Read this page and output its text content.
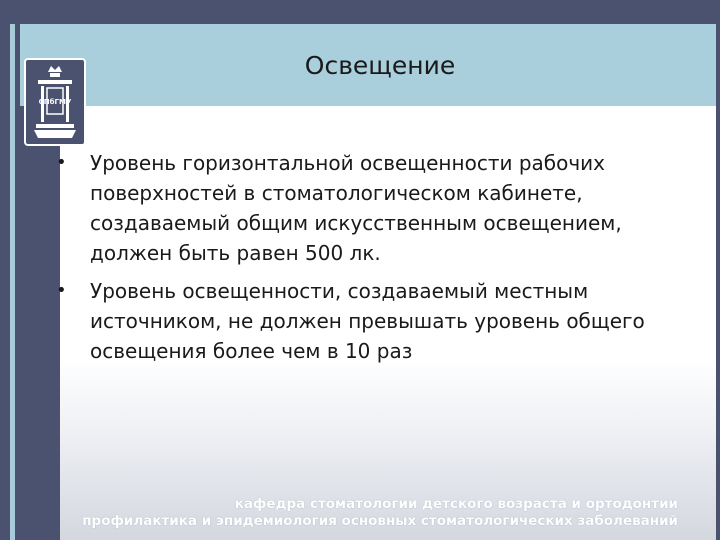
Освещение
СПбГМУ
• Уровень горизонтальной освещенности рабочих поверхностей в стоматологическом кабинете, создаваемый общим искусственным освещением, должен быть равен 500 лк.
• Уровень освещенности, создаваемый местным источником, не должен превышать уровень общего освещения более чем в 10 раз
кафедра стоматологии детского возраста и ортодонтии
профилактика и эпидемиология основных стоматологических заболеваний
